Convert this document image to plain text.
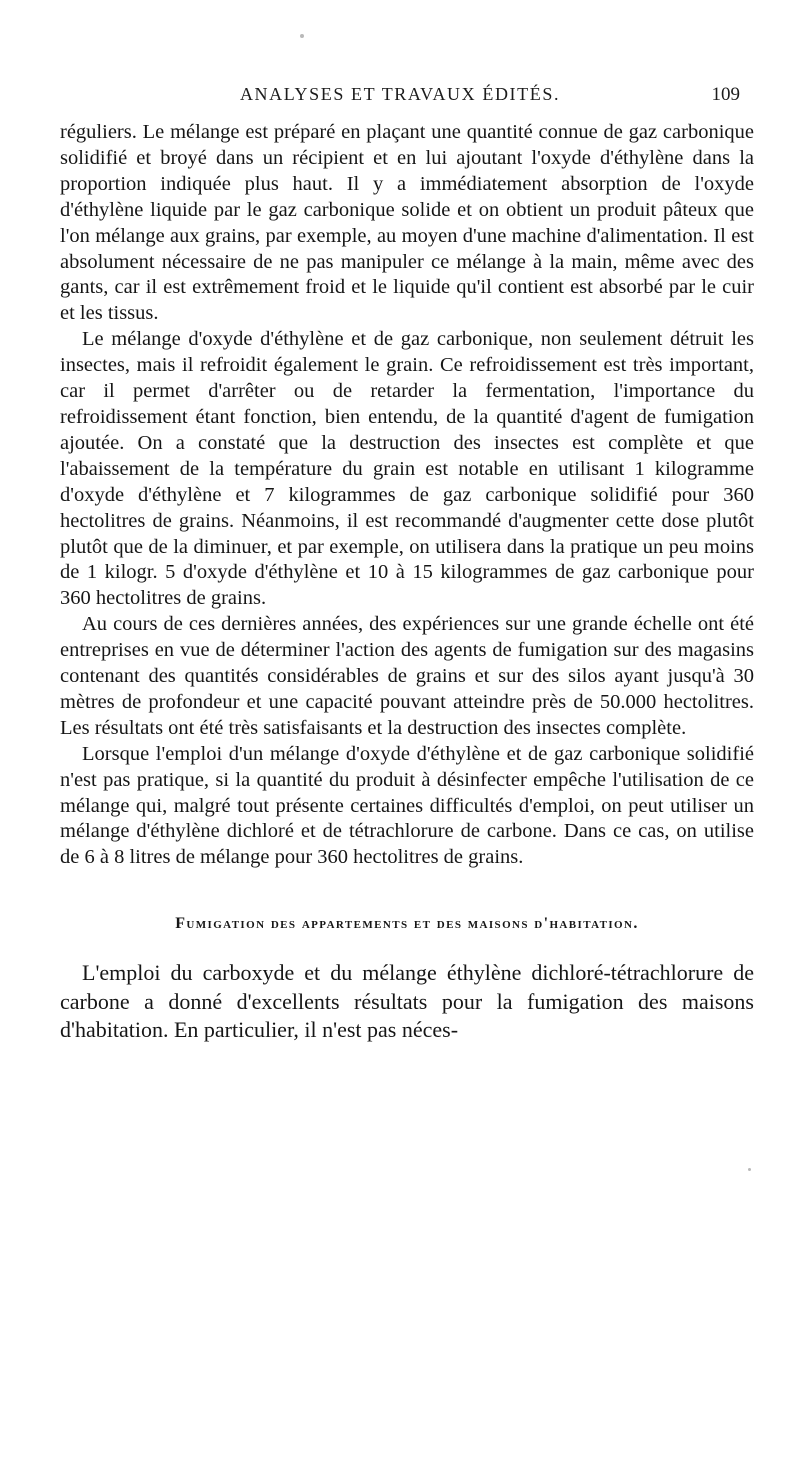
ANALYSES ET TRAVAUX ÉDITÉS.	109

réguliers. Le mélange est préparé en plaçant une quantité connue de gaz carbonique solidifié et broyé dans un récipient et en lui ajoutant l'oxyde d'éthylène dans la proportion indiquée plus haut. Il y a immédiatement absorption de l'oxyde d'éthylène liquide par le gaz carbonique solide et on obtient un produit pâteux que l'on mélange aux grains, par exemple, au moyen d'une machine d'alimentation. Il est absolument nécessaire de ne pas manipuler ce mélange à la main, même avec des gants, car il est extrêmement froid et le liquide qu'il contient est absorbé par le cuir et les tissus.

Le mélange d'oxyde d'éthylène et de gaz carbonique, non seulement détruit les insectes, mais il refroidit également le grain. Ce refroidissement est très important, car il permet d'arrêter ou de retarder la fermentation, l'importance du refroidissement étant fonction, bien entendu, de la quantité d'agent de fumigation ajoutée. On a constaté que la destruction des insectes est complète et que l'abaissement de la température du grain est notable en utilisant 1 kilogramme d'oxyde d'éthylène et 7 kilogrammes de gaz carbonique solidifié pour 360 hectolitres de grains. Néanmoins, il est recommandé d'augmenter cette dose plutôt plutôt que de la diminuer, et par exemple, on utilisera dans la pratique un peu moins de 1 kilogr. 5 d'oxyde d'éthylène et 10 à 15 kilogrammes de gaz carbonique pour 360 hectolitres de grains.

Au cours de ces dernières années, des expériences sur une grande échelle ont été entreprises en vue de déterminer l'action des agents de fumigation sur des magasins contenant des quantités considérables de grains et sur des silos ayant jusqu'à 30 mètres de profondeur et une capacité pouvant atteindre près de 50.000 hectolitres. Les résultats ont été très satisfaisants et la destruction des insectes complète.

Lorsque l'emploi d'un mélange d'oxyde d'éthylène et de gaz carbonique solidifié n'est pas pratique, si la quantité du produit à désinfecter empêche l'utilisation de ce mélange qui, malgré tout présente certaines difficultés d'emploi, on peut utiliser un mélange d'éthylène dichloré et de tétrachlorure de carbone. Dans ce cas, on utilise de 6 à 8 litres de mélange pour 360 hectolitres de grains.

Fumigation des appartements et des maisons d'habitation.

L'emploi du carboxyde et du mélange éthylène dichloré-tétrachlorure de carbone a donné d'excellents résultats pour la fumigation des maisons d'habitation. En particulier, il n'est pas néces-
